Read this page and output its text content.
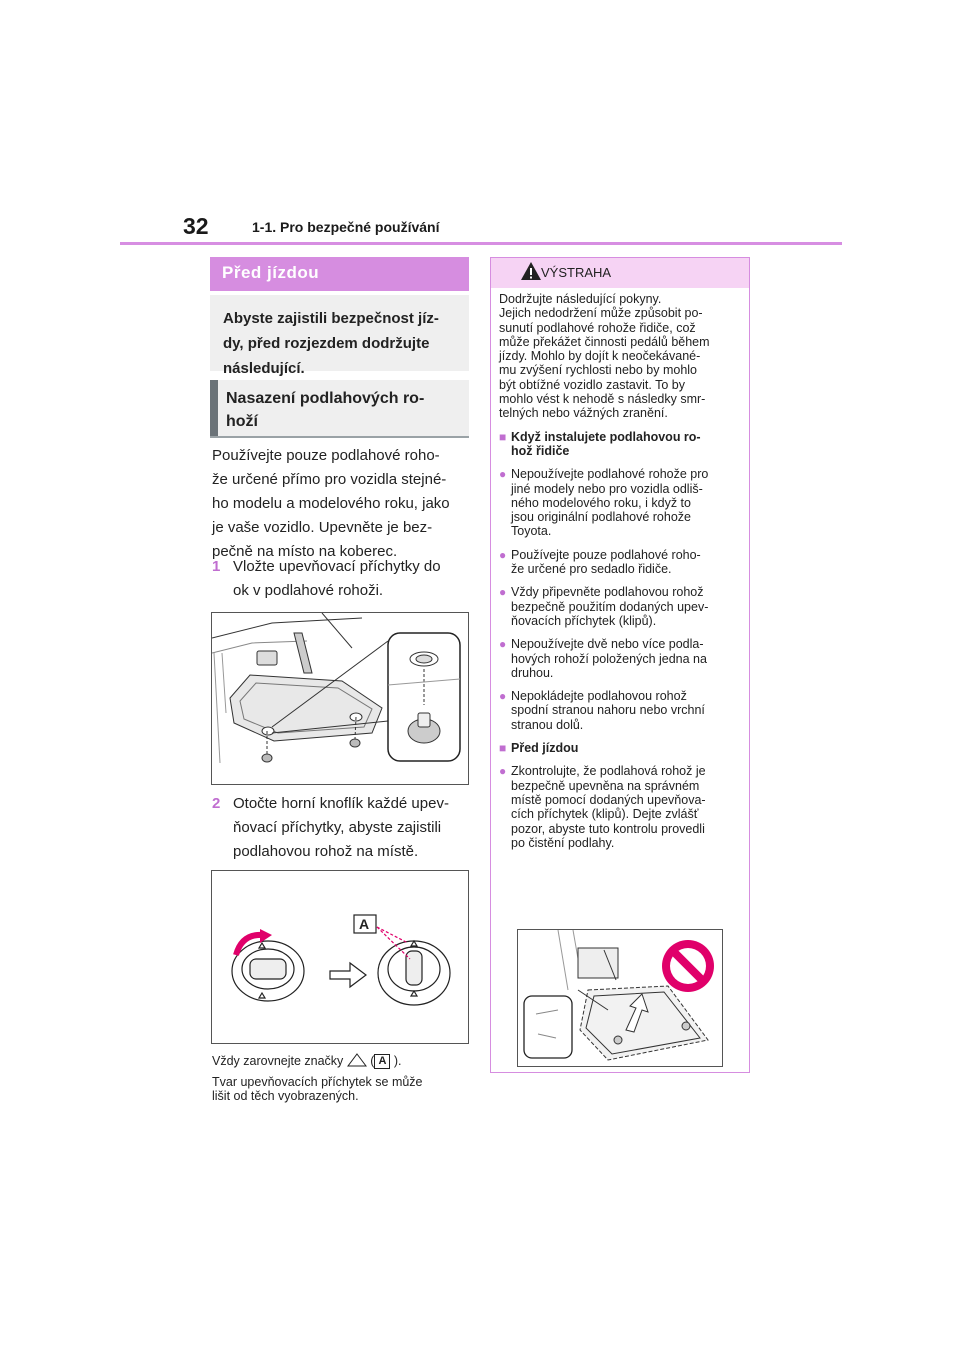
32	1-1. Pro bezpečné používání
Před jízdou
Abyste zajistili bezpečnost jíz-
dy, před rozjezdem dodržujte
následující.
Nasazení podlahových ro-
hoží
Používejte pouze podlahové roho-
že určené přímo pro vozidla stejné-
ho modelu a modelového roku, jako
je vaše vozidlo. Upevněte je bez-
pečně na místo na koberec.
1 Vložte upevňovací příchytky do
ok v podlahové rohoži.
2 Otočte horní knoflík každé upev-
ňovací příchytky, abyste zajistili
podlahovou rohož na místě.
A
Vždy zarovnejte značky ( A ).
Tvar upevňovacích příchytek se může
lišit od těch vyobrazených.
VÝSTRAHA
Dodržujte následující pokyny.
Jejich nedodržení může způsobit po-
sunutí podlahové rohože řidiče, což
může překážet činnosti pedálů během
jízdy. Mohlo by dojít k neočekávané-
mu zvýšení rychlosti nebo by mohlo
být obtížné vozidlo zastavit. To by
mohlo vést k nehodě s následky smr-
telných nebo vážných zranění.
■ Když instalujete podlahovou ro-
hož řidiče
● Nepoužívejte podlahové rohože pro
jiné modely nebo pro vozidla odliš-
ného modelového roku, i když to
jsou originální podlahové rohože
Toyota.
● Používejte pouze podlahové roho-
že určené pro sedadlo řidiče.
● Vždy připevněte podlahovou rohož
bezpečně použitím dodaných upev-
ňovacích příchytek (klipů).
● Nepoužívejte dvě nebo více podla-
hových rohoží položených jedna na
druhou.
● Nepokládejte podlahovou rohož
spodní stranou nahoru nebo vrchní
stranou dolů.
■ Před jízdou
● Zkontrolujte, že podlahová rohož je
bezpečně upevněna na správném
místě pomocí dodaných upevňova-
cích příchytek (klipů). Dejte zvlášť
pozor, abyste tuto kontrolu provedli
po čistění podlahy.
